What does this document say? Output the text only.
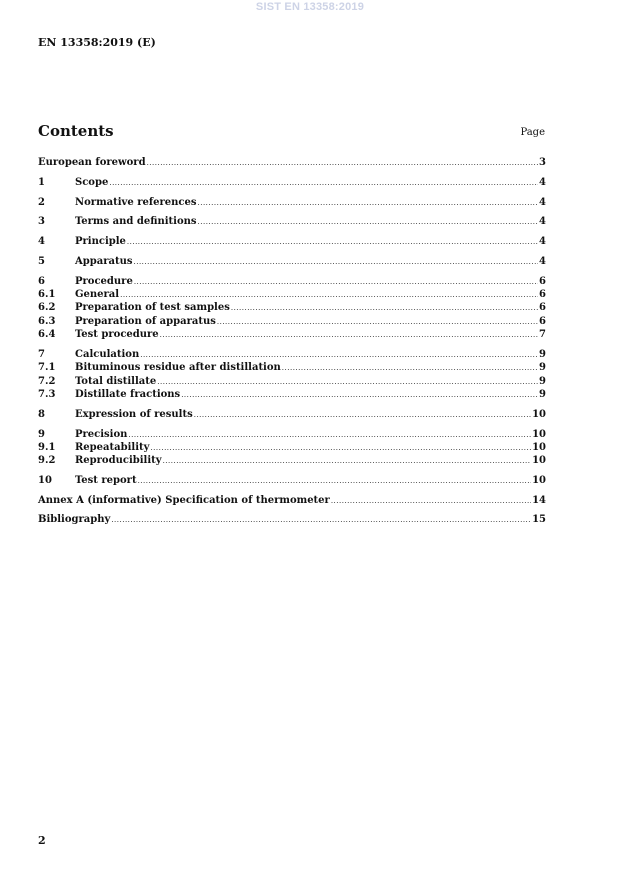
SIST EN 13358:2019
EN 13358:2019 (E)
Contents	Page
European foreword .....	3
1	Scope .....	4
2	Normative references .....	4
3	Terms and definitions .....	4
4	Principle .....	4
5	Apparatus .....	4
6	Procedure .....	6
6.1	General .....	6
6.2	Preparation of test samples .....	6
6.3	Preparation of apparatus .....	6
6.4	Test procedure .....	7
7	Calculation .....	9
7.1	Bituminous residue after distillation .....	9
7.2	Total distillate .....	9
7.3	Distillate fractions .....	9
8	Expression of results .....	10
9	Precision .....	10
9.1	Repeatability .....	10
9.2	Reproducibility .....	10
10	Test report .....	10
Annex A (informative) Specification of thermometer .....	14
Bibliography .....	15
2
